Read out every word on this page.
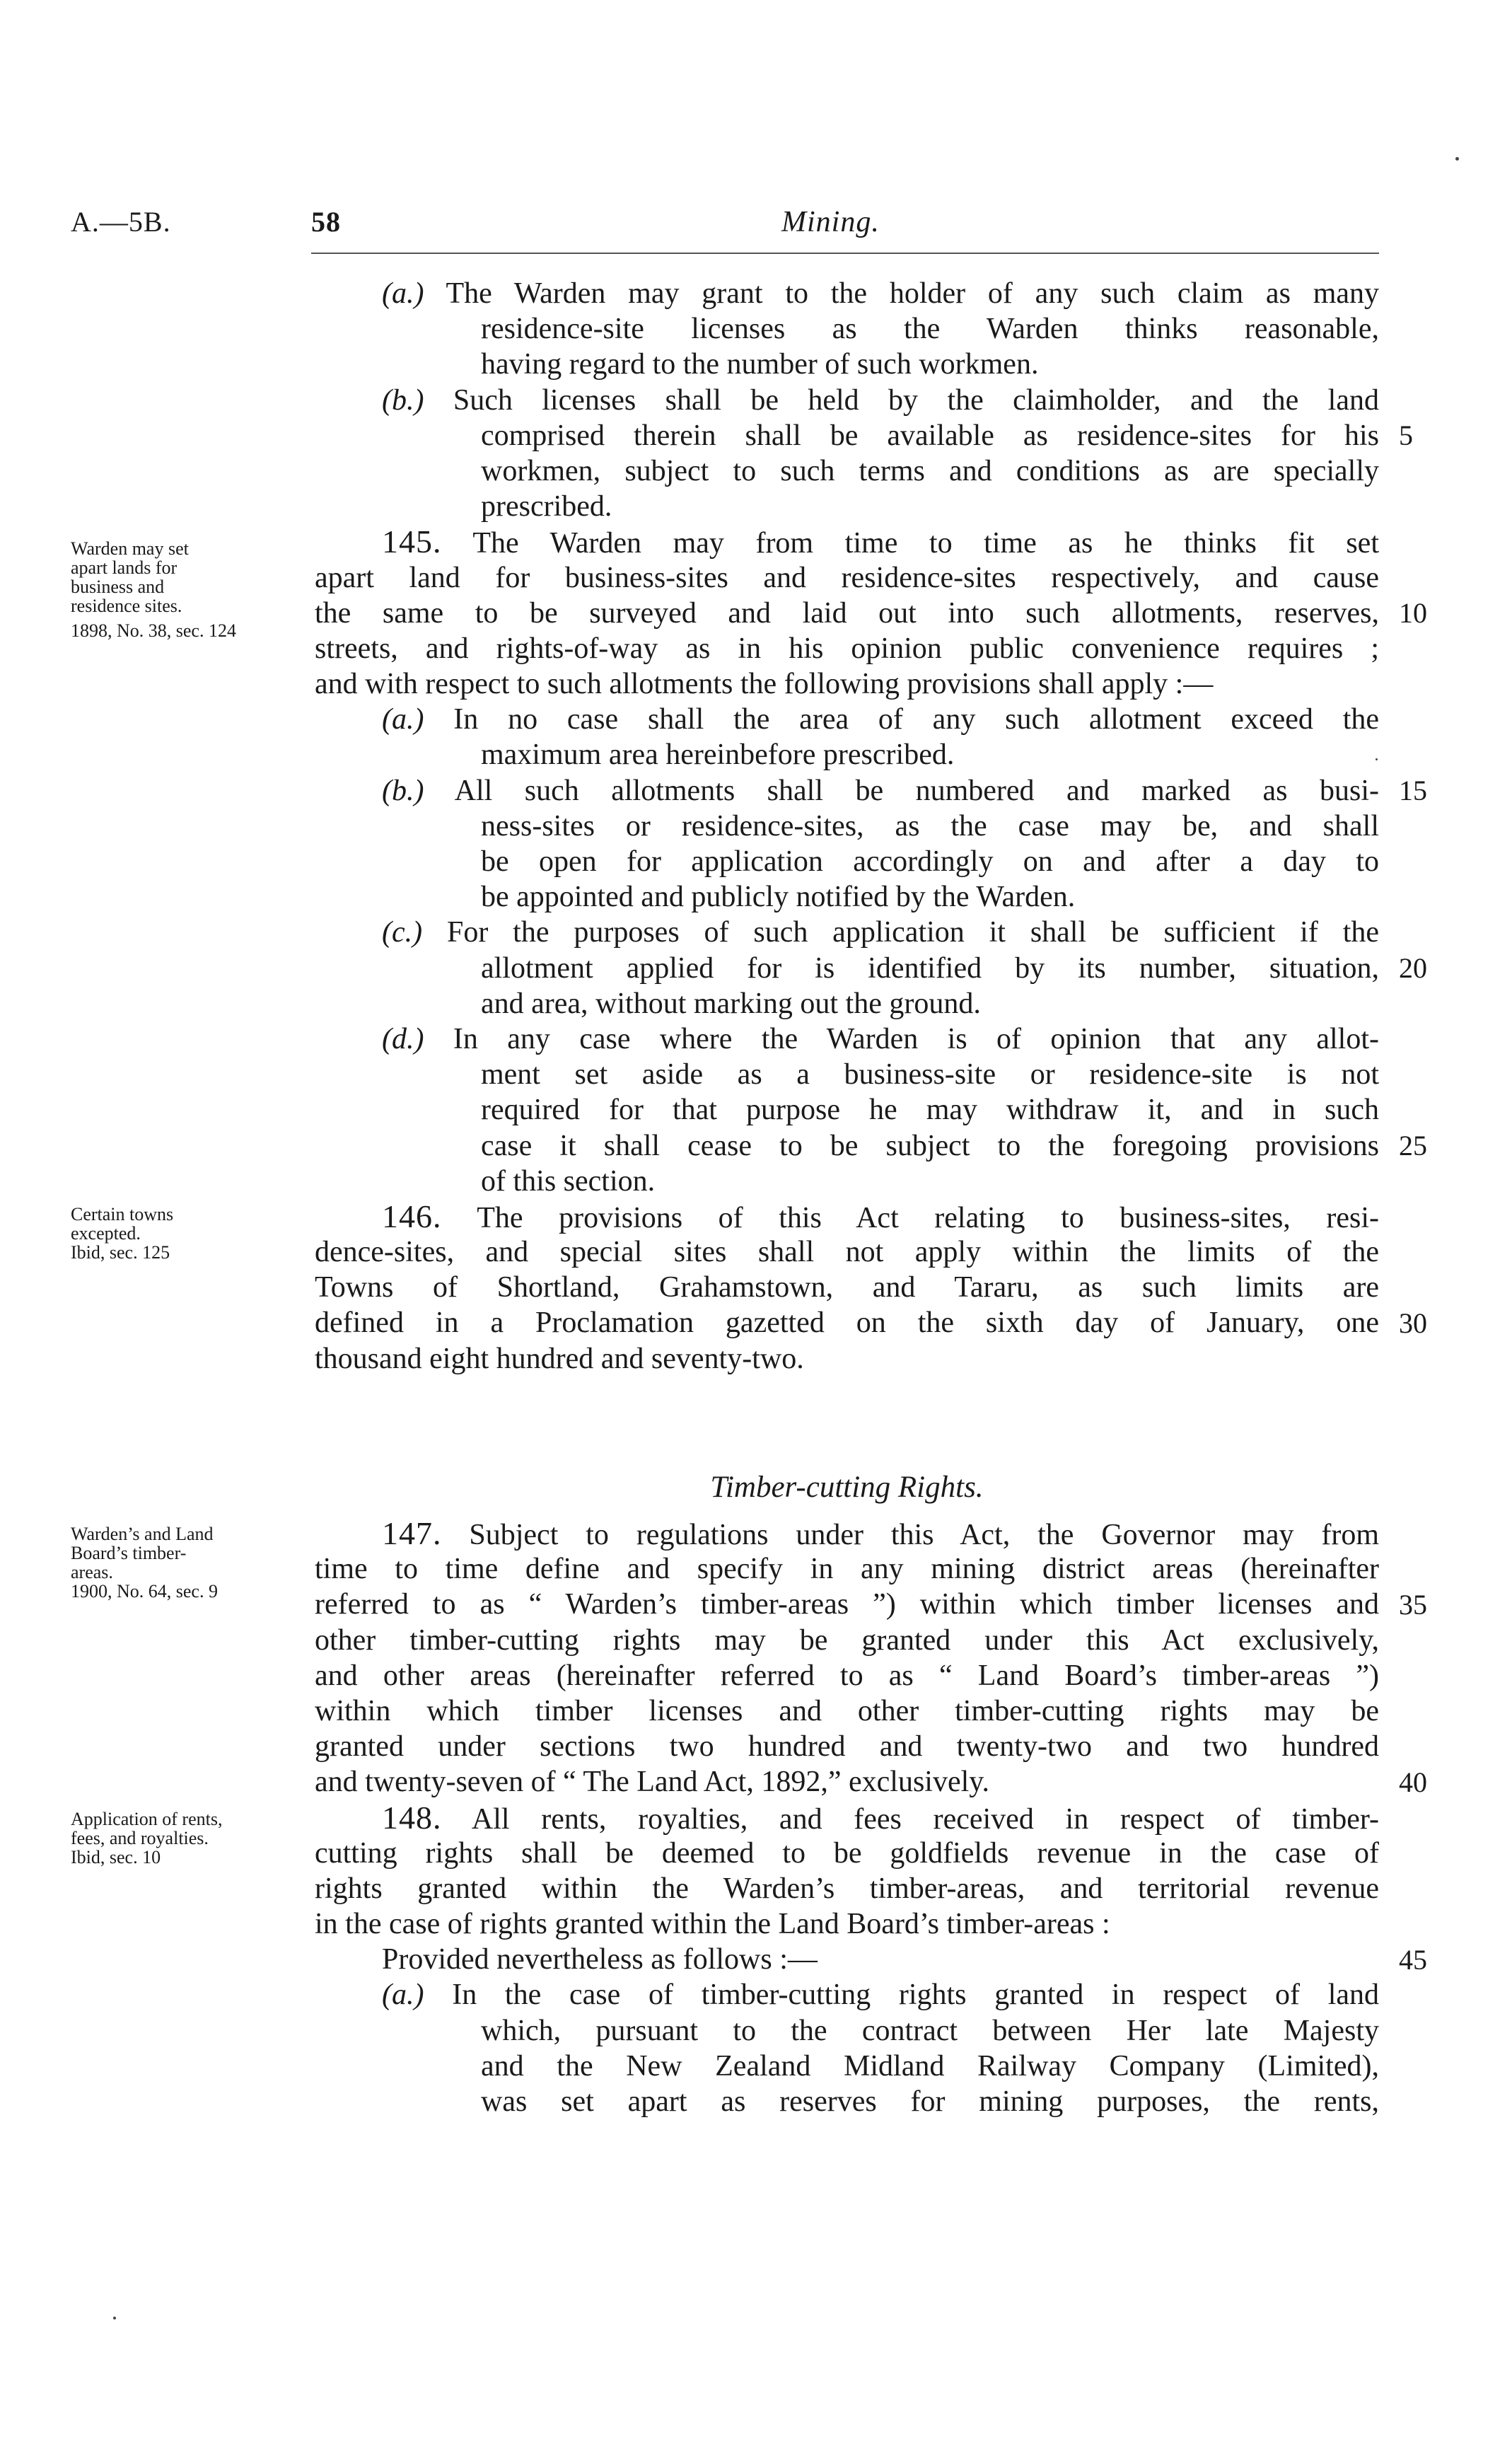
A.—5B.	58	Mining.
(a.) The Warden may grant to the holder of any such claim as many
residence-site licenses as the Warden thinks reasonable,
having regard to the number of such workmen.
(b.) Such licenses shall be held by the claimholder, and the land
comprised therein shall be available as residence-sites for his
workmen, subject to such terms and conditions as are specially
prescribed.
145. The Warden may from time to time as he thinks fit set
apart land for business-sites and residence-sites respectively, and cause
the same to be surveyed and laid out into such allotments, reserves,
streets, and rights-of-way as in his opinion public convenience requires ;
and with respect to such allotments the following provisions shall apply :—
(a.) In no case shall the area of any such allotment exceed the
maximum area hereinbefore prescribed.
(b.) All such allotments shall be numbered and marked as busi-
ness-sites or residence-sites, as the case may be, and shall
be open for application accordingly on and after a day to
be appointed and publicly notified by the Warden.
(c.) For the purposes of such application it shall be sufficient if the
allotment applied for is identified by its number, situation,
and area, without marking out the ground.
(d.) In any case where the Warden is of opinion that any allot-
ment set aside as a business-site or residence-site is not
required for that purpose he may withdraw it, and in such
case it shall cease to be subject to the foregoing provisions
of this section.
146. The provisions of this Act relating to business-sites, resi-
dence-sites, and special sites shall not apply within the limits of the
Towns of Shortland, Grahamstown, and Tararu, as such limits are
defined in a Proclamation gazetted on the sixth day of January, one
thousand eight hundred and seventy-two.
Timber-cutting Rights.
147. Subject to regulations under this Act, the Governor may from
time to time define and specify in any mining district areas (hereinafter
referred to as “ Warden’s timber-areas ”) within which timber licenses and
other timber-cutting rights may be granted under this Act exclusively,
and other areas (hereinafter referred to as “ Land Board’s timber-areas ”)
within which timber licenses and other timber-cutting rights may be
granted under sections two hundred and twenty-two and two hundred
and twenty-seven of “ The Land Act, 1892,” exclusively.
148. All rents, royalties, and fees received in respect of timber-
cutting rights shall be deemed to be goldfields revenue in the case of
rights granted within the Warden’s timber-areas, and territorial revenue
in the case of rights granted within the Land Board’s timber-areas :
Provided nevertheless as follows :—
(a.) In the case of timber-cutting rights granted in respect of land
which, pursuant to the contract between Her late Majesty
and the New Zealand Midland Railway Company (Limited),
was set apart as reserves for mining purposes, the rents,
Warden may set
apart lands for
business and
residence sites.
1898, No. 38, sec. 124
Certain towns
excepted.
Ibid, sec. 125
Warden’s and Land
Board’s timber-
areas.
1900, No. 64, sec. 9
Application of rents,
fees, and royalties.
Ibid, sec. 10
5
10
15
20
25
30
35
40
45
